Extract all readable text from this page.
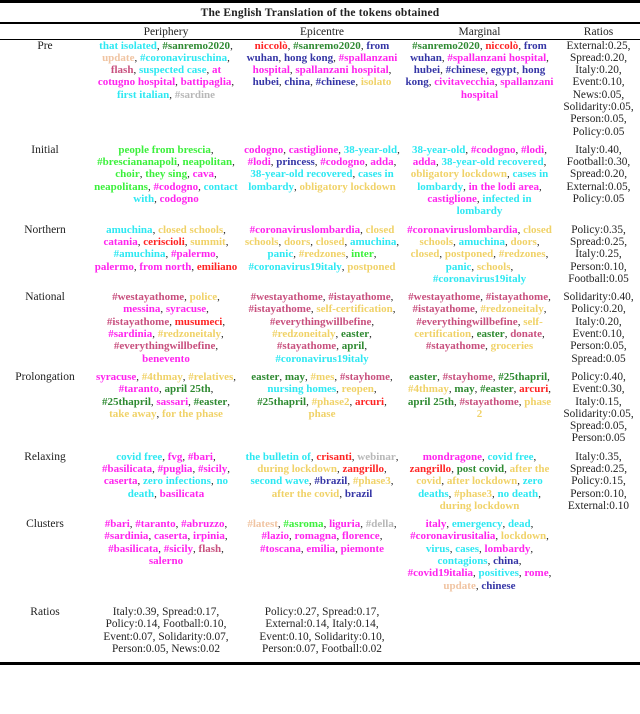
The English Translation of the tokens obtained
	Periphery	Epicentre	Marginal	Ratios
Pre	that isolated, #sanremo2020, update, #coronaviruschina, flash, suspected case, at cotugno hospital, battipaglia, first italian, #sardine	niccolò, #sanremo2020, from wuhan, hong kong, #spallanzani hospital, spallanzani hospital, hubei, china, #chinese, isolato	#sanremo2020, niccolò, from wuhan, #spallanzani hospital, hubei, #chinese, egypt, hong kong, civitavecchia, spallanzani hospital	External:0.25, Spread:0.20, Italy:0.20, Event:0.10, News:0.05, Solidarity:0.05, Person:0.05, Policy:0.05
Initial	people from brescia, #bresciananapoli, neapolitan, choir, they sing, cava, neapolitans, #codogno, contact with, codogno	codogno, castiglione, 38-year-old, #lodi, princess, #codogno, adda, 38-year-old recovered, cases in lombardy, obligatory lockdown	38-year-old, #codogno, #lodi, adda, 38-year-old recovered, obligatory lockdown, cases in lombardy, in the lodi area, castiglione, infected in lombardy	Italy:0.40, Football:0.30, Spread:0.20, External:0.05, Policy:0.05
Northern	amuchina, closed schools, catania, ceriscioli, summit, #amuchina, #palermo, palermo, from north, emiliano	#coronaviruslombardia, closed schools, doors, closed, amuchina, panic, #redzones, inter, #coronavirus19italy, postponed	#coronaviruslombardia, closed schools, amuchina, doors, closed, postponed, #redzones, panic, schools, #coronavirus19italy	Policy:0.35, Spread:0.25, Italy:0.25, Person:0.10, Football:0.05
National	#westayathome, police, messina, syracuse, #istayathome, musumeci, #sardinia, #redzoneitaly, #everythingwillbefine, benevento	#westayathome, #istayathome, #istayathome, self-certification, #everythingwillbefine, #redzoneitaly, easter, #stayathome, april, #coronavirus19italy	#westayathome, #istayathome, #istayathome, #redzoneitaly, #everythingwillbefine, self-certification, easter, donate, #stayathome, groceries	Solidarity:0.40, Policy:0.20, Italy:0.20, Event:0.10, Person:0.05, Spread:0.05
Prolongation	syracuse, #4thmay, #relatives, #taranto, april 25th, #25thapril, sassari, #easter, take away, for the phase	easter, may, #mes, #stayhome, nursing homes, reopen, #25thapril, #phase2, arcuri, phase	easter, #stayhome, #25thapril, #4thmay, may, #easter, arcuri, april 25th, #stayathome, phase 2	Policy:0.40, Event:0.30, Italy:0.15, Solidarity:0.05, Spread:0.05, Person:0.05
Relaxing	covid free, fvg, #bari, #basilicata, #puglia, #sicily, caserta, zero infections, no death, basilicata	the bulletin of, crisanti, webinar, during lockdown, zangrillo, second wave, #brazil, #phase3, after the covid, brazil	mondragone, covid free, zangrillo, post covid, after the covid, after lockdown, zero deaths, #phase3, no death, during lockdown	Italy:0.35, Spread:0.25, Policy:0.15, Person:0.10, External:0.10
Clusters	#bari, #taranto, #abruzzo, #sardinia, caserta, irpinia, #basilicata, #sicily, flash, salerno	#latest, #asroma, liguria, #della, #lazio, romagna, florence, #toscana, emilia, piemonte	italy, emergency, dead, #coronavirusitalia, lockdown, virus, cases, lombardy, contagions, china, #covid19italia, positives, rome, update, chinese	
Ratios	Italy:0.39, Spread:0.17, Policy:0.14, Football:0.10, Event:0.07, Solidarity:0.07, Person:0.05, News:0.02	Policy:0.27, Spread:0.17, External:0.14, Italy:0.14, Event:0.10, Solidarity:0.10, Person:0.07, Football:0.02		
